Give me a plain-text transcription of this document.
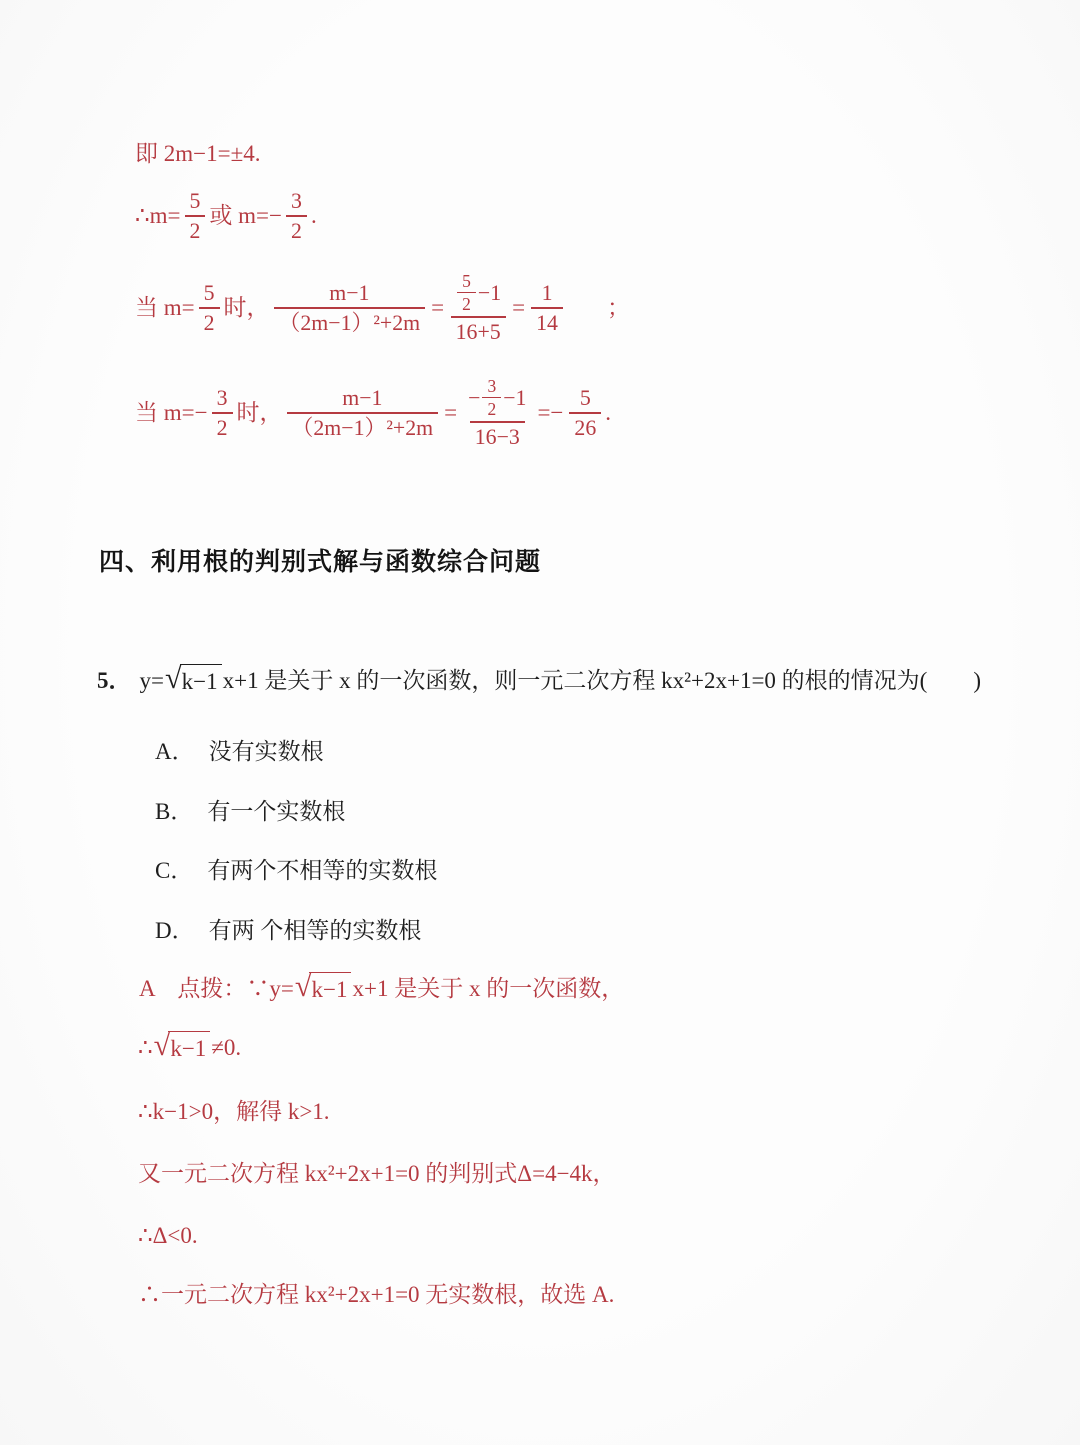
即 2m−1=±4.
∴m= $\frac{5}{2}$ 或 $m=- \frac{3}{2}$ .
当 $m= \frac{5}{2}$ 时， $\frac{m-1}{\text{（2m−1）²+2m}} = \frac{\frac{5}{2} -1}{16+5} = \frac{1}{14}$ ；
当 $m=- \frac{3}{2}$ 时， $\frac{m-1}{\text{（2m−1）²+2m}} = \frac{- \frac{3}{2} -1}{16-3} =- \frac{5}{26}$ .
四、利用根的判别式解与函数综合问题
5． y= √ k−1 x+1 是关于 x 的一次函数，则一元二次方程 kx²+2x+1=0 的根的情况为(　　)
A． 没有实数根
B． 有一个实数根
C． 有两个不相等的实数根
D． 有两 个相等的实数根
A　点拨：∵y= √ k−1 x+1 是关于 x 的一次函数，
∴ √ k−1 ≠0.
∴k−1>0，解得 k>1.
又一元二次方程 kx²+2x+1=0 的判别式Δ=4−4k，
∴Δ<0.
∴一元二次方程 kx²+2x+1=0 无实数根，故选 A.
